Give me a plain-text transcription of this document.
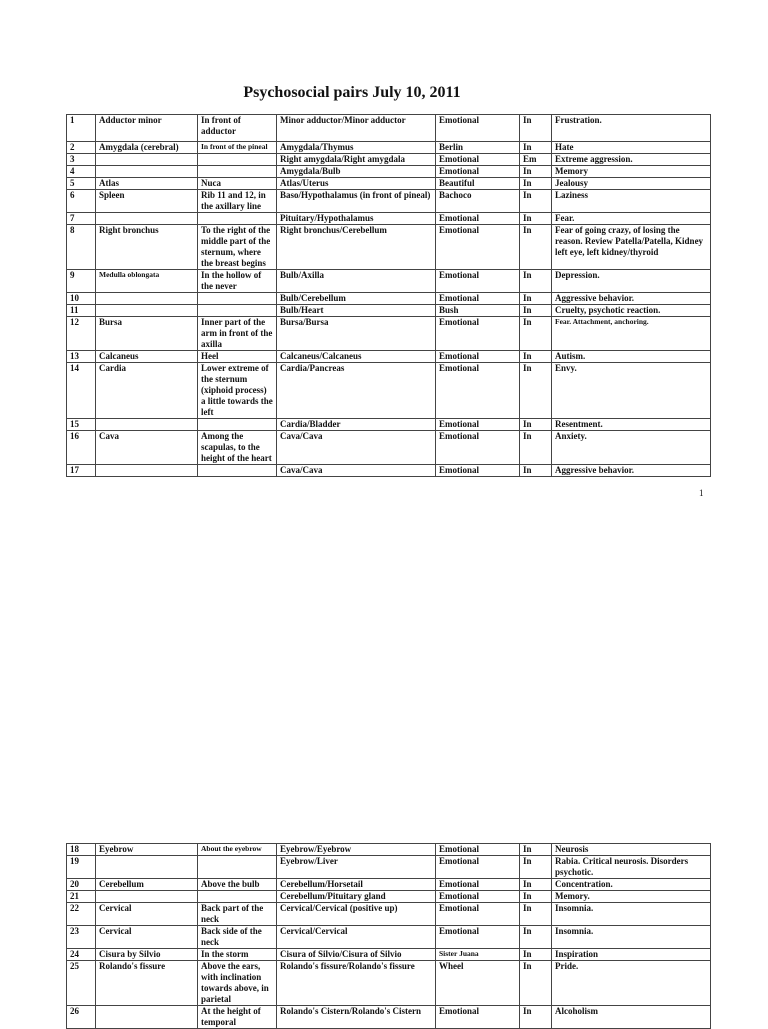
Psychosocial pairs July 10, 2011
1	Adductor minor	In front of adductor	Minor adductor/Minor adductor	Emotional	In	Frustration.
2	Amygdala (cerebral)	In front of the pineal	Amygdala/Thymus	Berlin	In	Hate
3			Right amygdala/Right amygdala	Emotional	Em	Extreme aggression.
4			Amygdala/Bulb	Emotional	In	Memory
5	Atlas	Nuca	Atlas/Uterus	Beautiful	In	Jealousy
6	Spleen	Rib 11 and 12, in the axillary line	Baso/Hypothalamus (in front of pineal)	Bachoco	In	Laziness
7			Pituitary/Hypothalamus	Emotional	In	Fear.
8	Right bronchus	To the right of the middle part of the sternum, where the breast begins	Right bronchus/Cerebellum	Emotional	In	Fear of going crazy, of losing the reason. Review Patella/Patella, Kidney left eye, left kidney/thyroid
9	Medulla oblongata	In the hollow of the never	Bulb/Axilla	Emotional	In	Depression.
10			Bulb/Cerebellum	Emotional	In	Aggressive behavior.
11			Bulb/Heart	Bush	In	Cruelty, psychotic reaction.
12	Bursa	Inner part of the arm in front of the axilla	Bursa/Bursa	Emotional	In	Fear. Attachment, anchoring.
13	Calcaneus	Heel	Calcaneus/Calcaneus	Emotional	In	Autism.
14	Cardia	Lower extreme of the sternum (xiphoid process) a little towards the left	Cardia/Pancreas	Emotional	In	Envy.
15			Cardia/Bladder	Emotional	In	Resentment.
16	Cava	Among the scapulas, to the height of the heart	Cava/Cava	Emotional	In	Anxiety.
17			Cava/Cava	Emotional	In	Aggressive behavior.
1
18	Eyebrow	About the eyebrow	Eyebrow/Eyebrow	Emotional	In	Neurosis
19			Eyebrow/Liver	Emotional	In	Rabia. Critical neurosis. Disorders psychotic.
20	Cerebellum	Above the bulb	Cerebellum/Horsetail	Emotional	In	Concentration.
21			Cerebellum/Pituitary gland	Emotional	In	Memory.
22	Cervical	Back part of the neck	Cervical/Cervical (positive up)	Emotional	In	Insomnia.
23	Cervical	Back side of the neck	Cervical/Cervical	Emotional	In	Insomnia.
24	Cisura by Silvio	In the storm	Cisura of Silvio/Cisura of Silvio	Sister Juana	In	Inspiration
25	Rolando's fissure	Above the ears, with inclination towards above, in parietal	Rolando's fissure/Rolando's fissure	Wheel	In	Pride.
26		At the height of temporal	Rolando's Cistern/Rolando's Cistern	Emotional	In	Alcoholism
